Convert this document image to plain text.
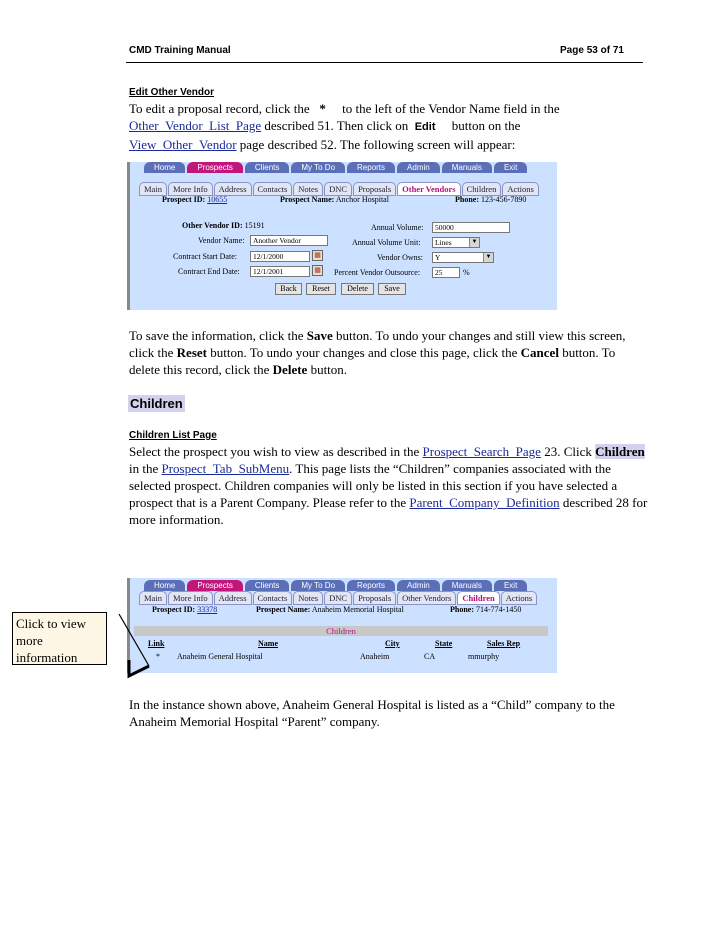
CMD Training Manual	Page 53 of 71
Edit Other Vendor
To edit a proposal record, click the * to the left of the Vendor Name field in the
Other_Vendor_List_Page described 51. Then click on Edit button on the
View_Other_Vendor page described 52. The following screen will appear:
Home	Prospects	Clients	My To Do	Reports	Admin	Manuals	Exit
Main	More Info	Address	Contacts	Notes	DNC	Proposals	Other Vendors	Children	Actions
Prospect ID: 10655	Prospect Name: Anchor Hospital	Phone: 123-456-7890
Other Vendor ID: 15191
Vendor Name:	Another Vendor
Contract Start Date:	12/1/2000	▦
Contract End Date:	12/1/2001	▦
Annual Volume:	50000
Annual Volume Unit:	Lines	▼
Vendor Owns:	Y	▼
Percent Vendor Outsource:	25	%
Back	Reset	Delete	Save
To save the information, click the Save button. To undo your changes and still view this screen, click the Reset button. To undo your changes and close this page, click the Cancel button. To delete this record, click the Delete button.
Children
Children List Page
Select the prospect you wish to view as described in the Prospect_Search_Page 23. Click Children in the Prospect_Tab_SubMenu. This page lists the “Children” companies associated with the selected prospect. Children companies will only be listed in this section if you have selected a prospect that is a Parent Company. Please refer to the Parent_Company_Definition described 28 for more information.
Home	Prospects	Clients	My To Do	Reports	Admin	Manuals	Exit
Main	More Info	Address	Contacts	Notes	DNC	Proposals	Other Vendors	Children	Actions
Prospect ID: 33378	Prospect Name: Anaheim Memorial Hospital	Phone: 714-774-1450
Children
Link	Name	City	State	Sales Rep
* Anaheim General Hospital	Anaheim	CA	mmurphy
Click to view more information
In the instance shown above, Anaheim General Hospital is listed as a “Child” company to the Anaheim Memorial Hospital “Parent” company.
